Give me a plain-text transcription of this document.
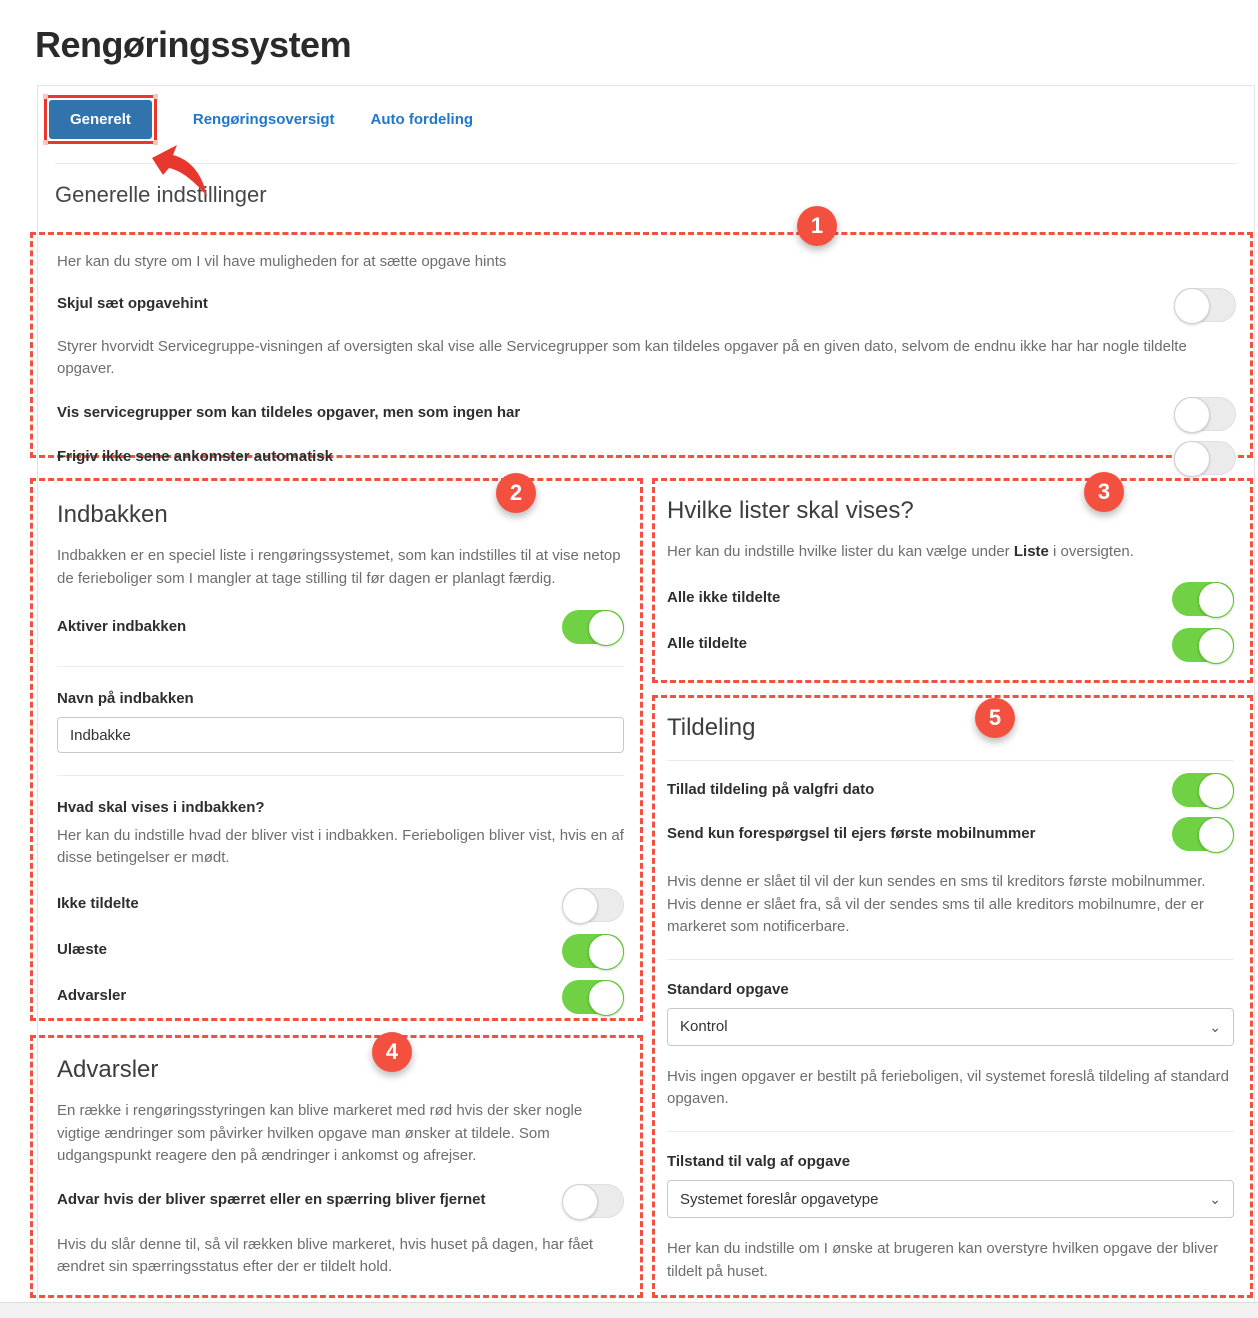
Rengøringssystem
Generelt	Rengøringsoversigt Auto fordeling
Generelle indstillinger
1
2	3
4
5

Her kan du styre om I vil have muligheden for at sætte opgave hints

Skjul sæt opgavehint

Styrer hvorvidt Servicegruppe-visningen af oversigten skal vise alle Servicegrupper som kan tildeles opgaver på en given dato, selvom de endnu ikke har har nogle tildelte opgaver.

Vis servicegrupper som kan tildeles opgaver, men som ingen har
Frigiv ikke sene ankomster automatisk
Indbakken

Indbakken er en speciel liste i rengøringssystemet, som kan indstilles til at vise netop de ferieboliger som I mangler at tage stilling til før dagen er planlagt færdig.

Aktiver indbakken
Navn på indbakken
Indbakke
Hvad skal vises i indbakken?

Her kan du indstille hvad der bliver vist i indbakken. Ferieboligen bliver vist, hvis en af disse betingelser er mødt.

Ikke tildelte
Ulæste
Advarsler
Hvilke lister skal vises?

Her kan du indstille hvilke lister du kan vælge under Liste i oversigten.

Alle ikke tildelte
Alle tildelte
Advarsler

En række i rengøringsstyringen kan blive markeret med rød hvis der sker nogle vigtige ændringer som påvirker hvilken opgave man ønsker at tildele. Som udgangspunkt reagere den på ændringer i ankomst og afrejser.

Advar hvis der bliver spærret eller en spærring bliver fjernet

Hvis du slår denne til, så vil rækken blive markeret, hvis huset på dagen, har fået ændret sin spærringsstatus efter der er tildelt hold.

Tildeling
Tillad tildeling på valgfri dato
Send kun forespørgsel til ejers første mobilnummer

Hvis denne er slået til vil der kun sendes en sms til kreditors første mobilnummer. Hvis denne er slået fra, så vil der sendes sms til alle kreditors mobilnumre, der er markeret som notificerbare.

Standard opgave
Kontrol	⌄

Hvis ingen opgaver er bestilt på ferieboligen, vil systemet foreslå tildeling af standard opgaven.

Tilstand til valg af opgave
Systemet foreslår opgavetype	⌄

Her kan du indstille om I ønske at brugeren kan overstyre hvilken opgave der bliver tildelt på huset.
